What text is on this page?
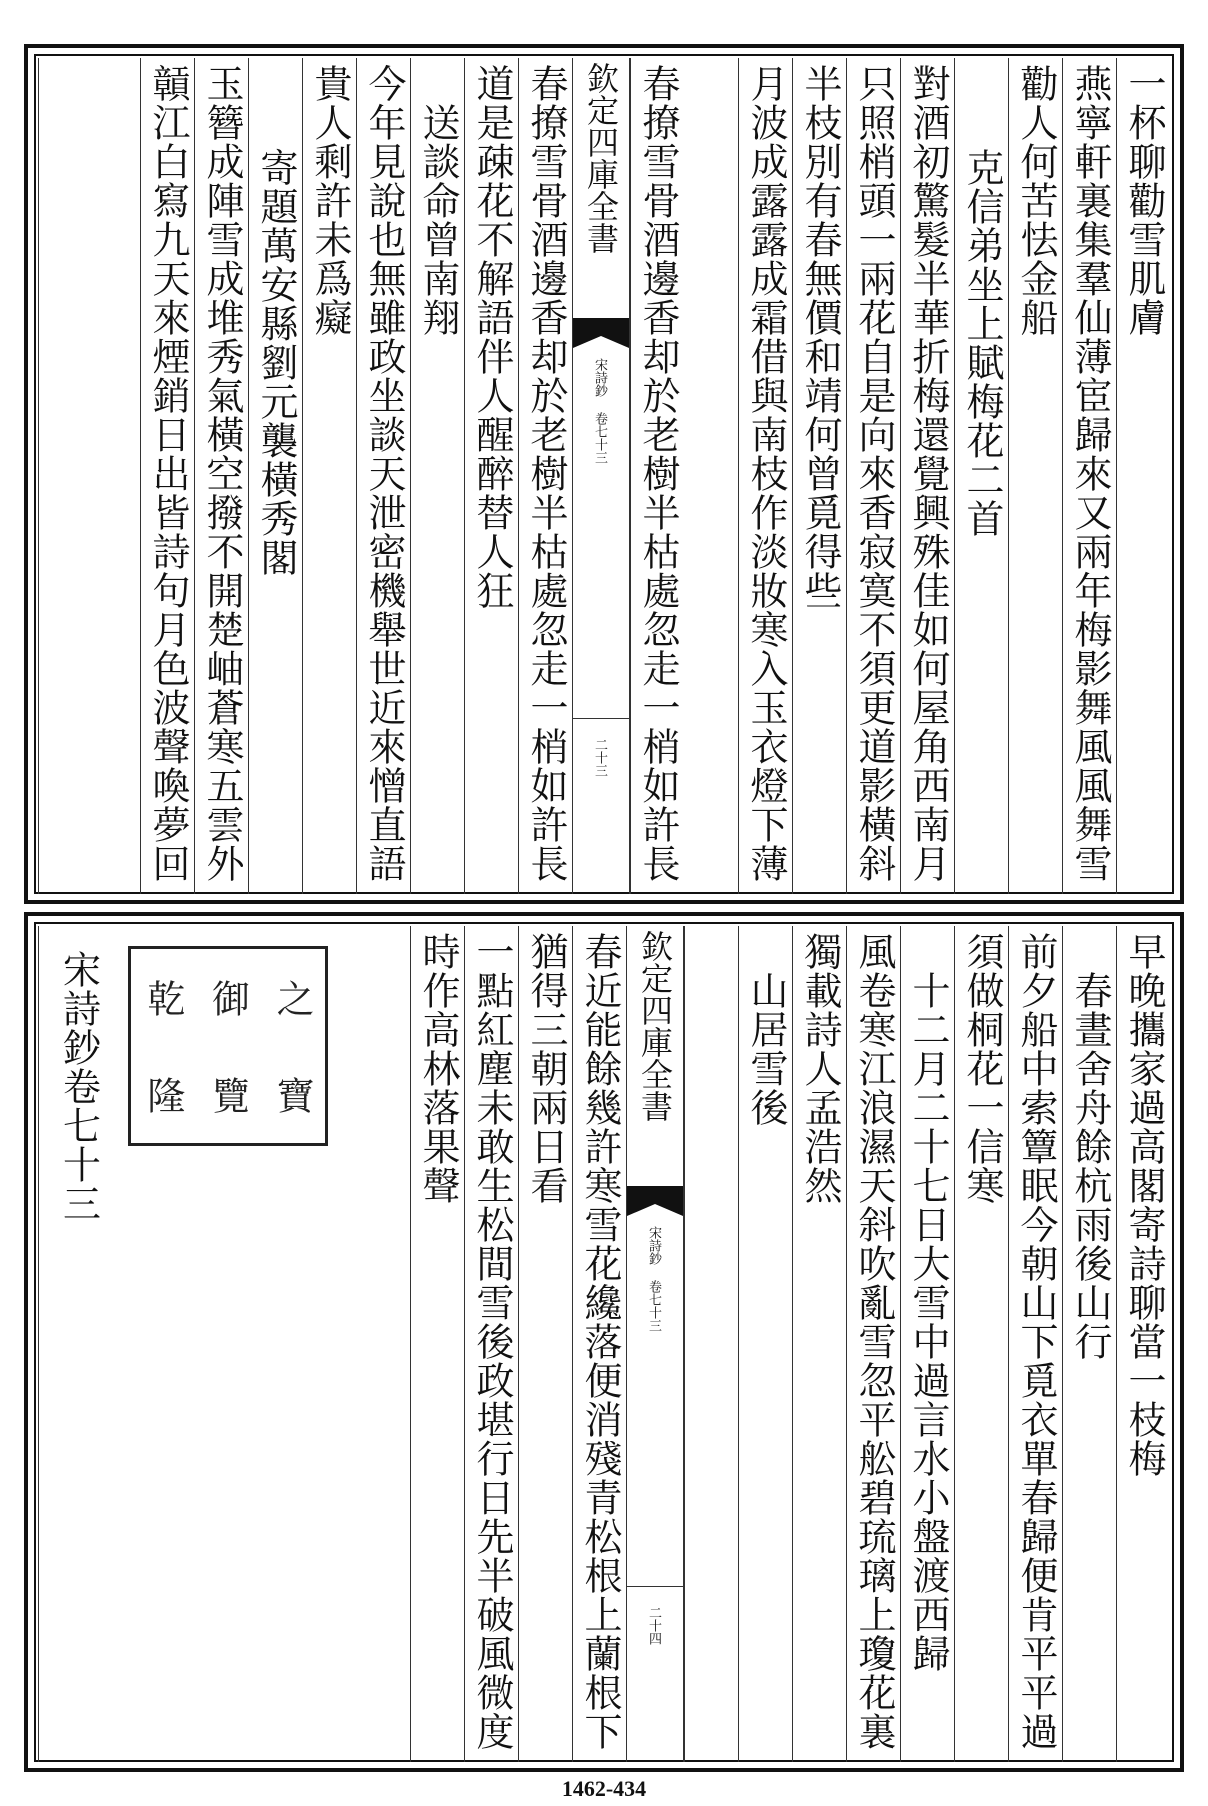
一杯聊勸雪肌膚
燕寧軒裏集羣仙薄宦歸來又兩年梅影舞風風舞雪
勸人何苦怯金船
克信弟坐上賦梅花二首
對酒初驚髮半華折梅還覺興殊佳如何屋角西南月
只照梢頭一兩花自是向來香寂寞不須更道影橫斜
半枝別有春無價和靖何曾覓得些
月波成露露成霜借與南枝作淡妝寒入玉衣燈下薄
欽定四庫全書
宋詩鈔 卷七十三
二十三 春撩雪骨酒邊香却於老樹半枯處忽走一梢如許長
春撩雪骨酒邊香却於老樹半枯處忽走一梢如許長
道是疎花不解語伴人醒醉替人狂
送談命曾南翔
今年見說也無雖政坐談天泄密機舉世近來憎直語
貴人剩許未爲癡
寄題萬安縣劉元襲橫秀閣
玉簪成陣雪成堆秀氣橫空撥不開楚岫蒼寒五雲外
贑江白寫九天來煙銷日出皆詩句月色波聲喚夢回
早晚攜家過高閣寄詩聊當一枝梅
春晝舍舟餘杭雨後山行
前夕船中索簟眠今朝山下覓衣單春歸便肯平平過
須做桐花一信寒
十二月二十七日大雪中過言水小盤渡西歸
風卷寒江浪濕天斜吹亂雪忽平舩碧琉璃上瓊花裏
獨載詩人孟浩然
山居雪後
欽定四庫全書
宋詩鈔 卷七十三
二十四
春近能餘幾許寒雪花纔落便消殘青松根上蘭根下
猶得三朝兩日看
一點紅塵未敢生松間雪後政堪行日先半破風微度
時作高林落果聲
乾 御 之
隆 覽 寶
宋詩鈔卷七十三
1462-434
